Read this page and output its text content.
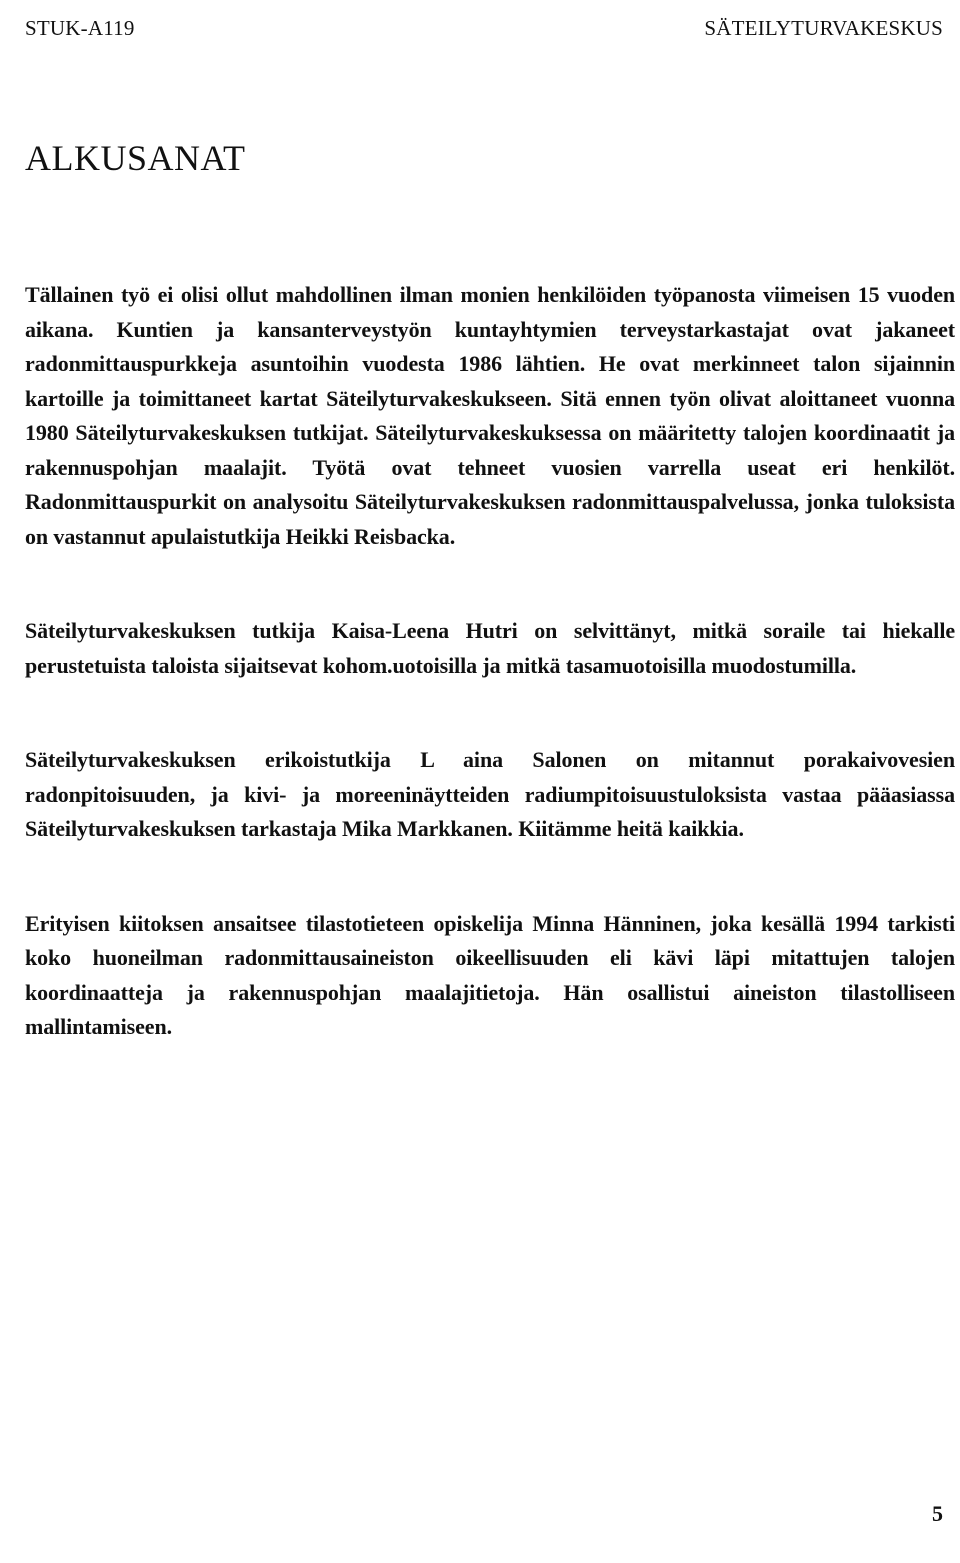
STUK-A119	SÄTEILYTURVAKESKUS
ALKUSANAT

Tällainen työ ei olisi ollut mahdollinen ilman monien henkilöiden työpanosta viimeisen 15 vuoden aikana. Kuntien ja kansanterveystyön kuntayhtymien terveystarkastajat ovat jakaneet radonmittauspurkkeja asuntoihin vuodesta 1986 lähtien. He ovat merkinneet talon sijainnin kartoille ja toimittaneet kartat Säteilyturvakeskukseen. Sitä ennen työn olivat aloittaneet vuonna 1980 Säteilyturvakeskuksen tutkijat. Säteilyturvakeskuksessa on määritetty talojen koordinaatit ja rakennuspohjan maalajit. Työtä ovat tehneet vuosien varrella useat eri henkilöt. Radonmittauspurkit on analysoitu Säteilyturvakeskuksen radonmittauspalvelussa, jonka tuloksista on vastannut apulaistutkija Heikki Reisbacka.

Säteilyturvakeskuksen tutkija Kaisa-Leena Hutri on selvittänyt, mitkä soraile tai hiekalle perustetuista taloista sijaitsevat kohom.uotoisilla ja mitkä tasamuotoisilla muodostumilla.

Säteilyturvakeskuksen erikoistutkija L aina Salonen on mitannut porakaivovesien radonpitoisuuden, ja kivi- ja moreeninäytteiden radiumpitoisuustuloksista vastaa pääasiassa Säteilyturvakeskuksen tarkastaja Mika Markkanen. Kiitämme heitä kaikkia.

Erityisen kiitoksen ansaitsee tilastotieteen opiskelija Minna Hänninen, joka kesällä 1994 tarkisti koko huoneilman radonmittausaineiston oikeellisuuden eli kävi läpi mitattujen talojen koordinaatteja ja rakennuspohjan maalajitietoja. Hän osallistui aineiston tilastolliseen mallintamiseen.

5
